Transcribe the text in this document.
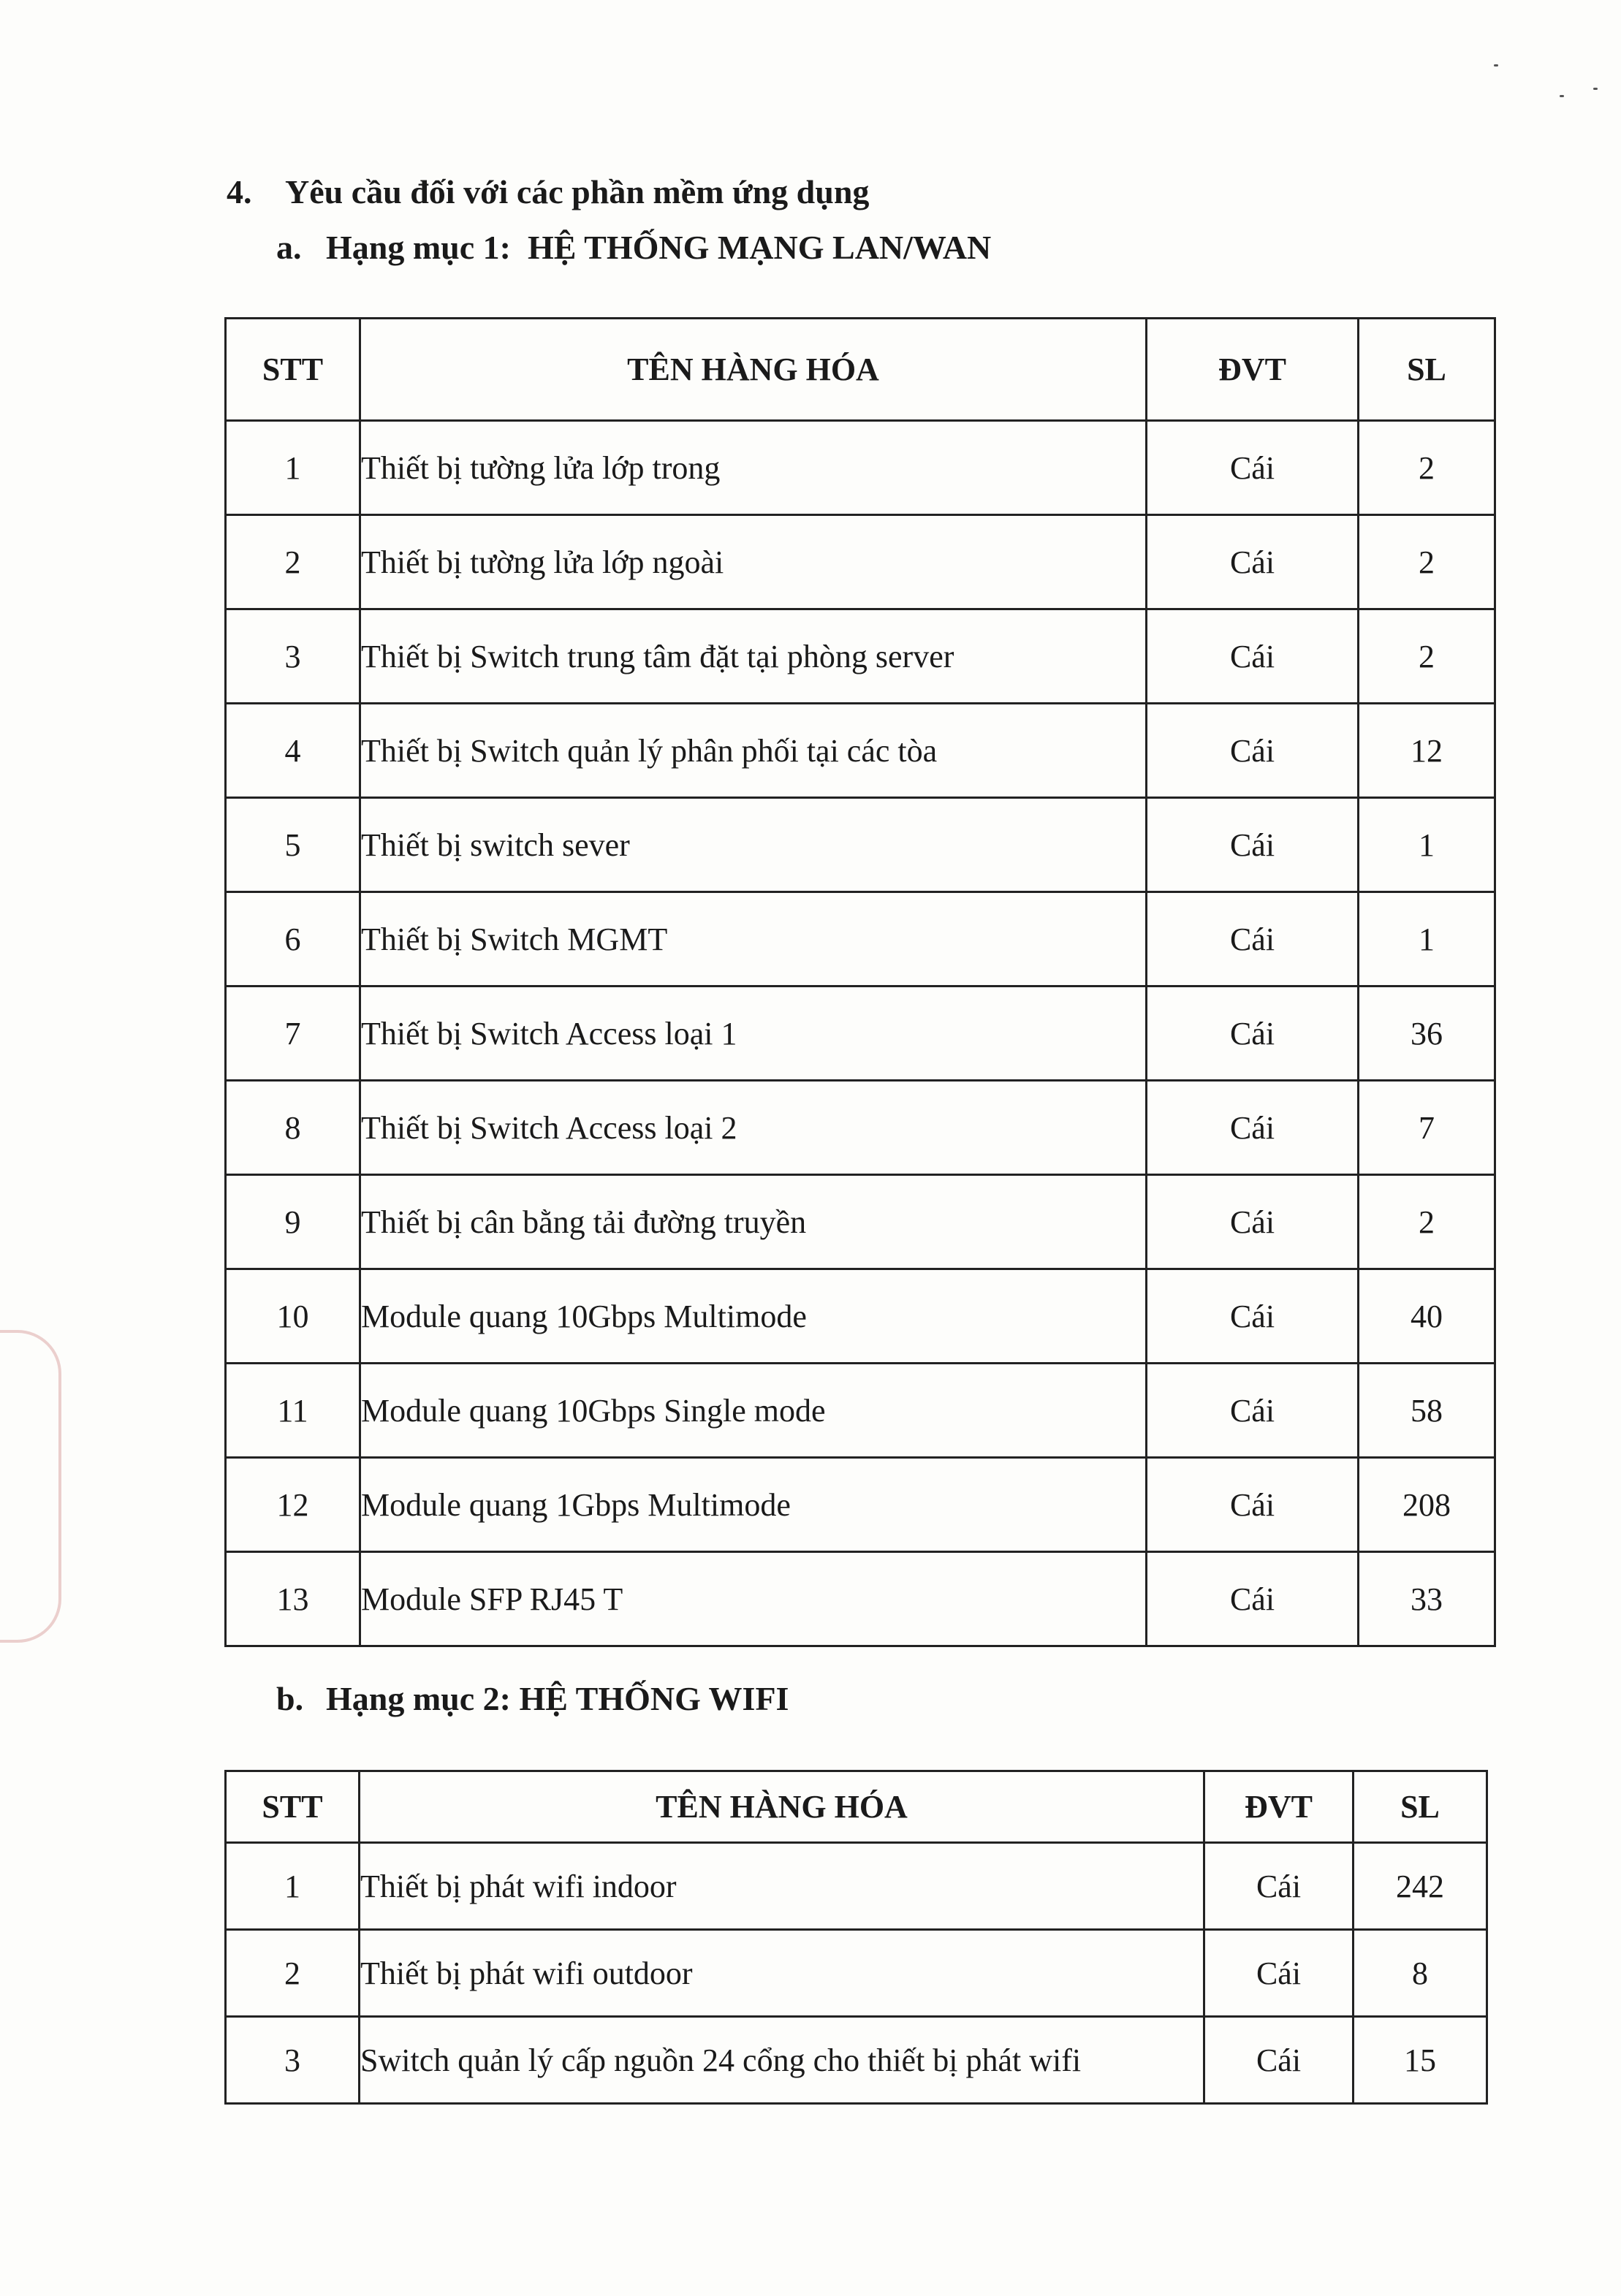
4. Yêu cầu đối với các phần mềm ứng dụng
a. Hạng mục 1:  HỆ THỐNG MẠNG LAN/WAN
STT	TÊN HÀNG HÓA	ĐVT	SL
1	Thiết bị tường lửa lớp trong	Cái	2
2	Thiết bị tường lửa lớp ngoài	Cái	2
3	Thiết bị Switch trung tâm đặt tại phòng server	Cái	2
4	Thiết bị Switch quản lý phân phối tại các tòa	Cái	12
5	Thiết bị switch sever	Cái	1
6	Thiết bị Switch MGMT	Cái	1
7	Thiết bị Switch Access loại 1	Cái	36
8	Thiết bị Switch Access loại 2	Cái	7
9	Thiết bị cân bằng tải đường truyền	Cái	2
10	Module quang 10Gbps Multimode	Cái	40
11	Module quang 10Gbps Single mode	Cái	58
12	Module quang 1Gbps Multimode	Cái	208
13	Module SFP RJ45 T	Cái	33
b. Hạng mục 2: HỆ THỐNG WIFI
STT	TÊN HÀNG HÓA	ĐVT	SL
1	Thiết bị phát wifi indoor	Cái	242
2	Thiết bị phát wifi outdoor	Cái	8
3	Switch quản lý cấp nguồn 24 cổng cho thiết bị phát wifi	Cái	15
